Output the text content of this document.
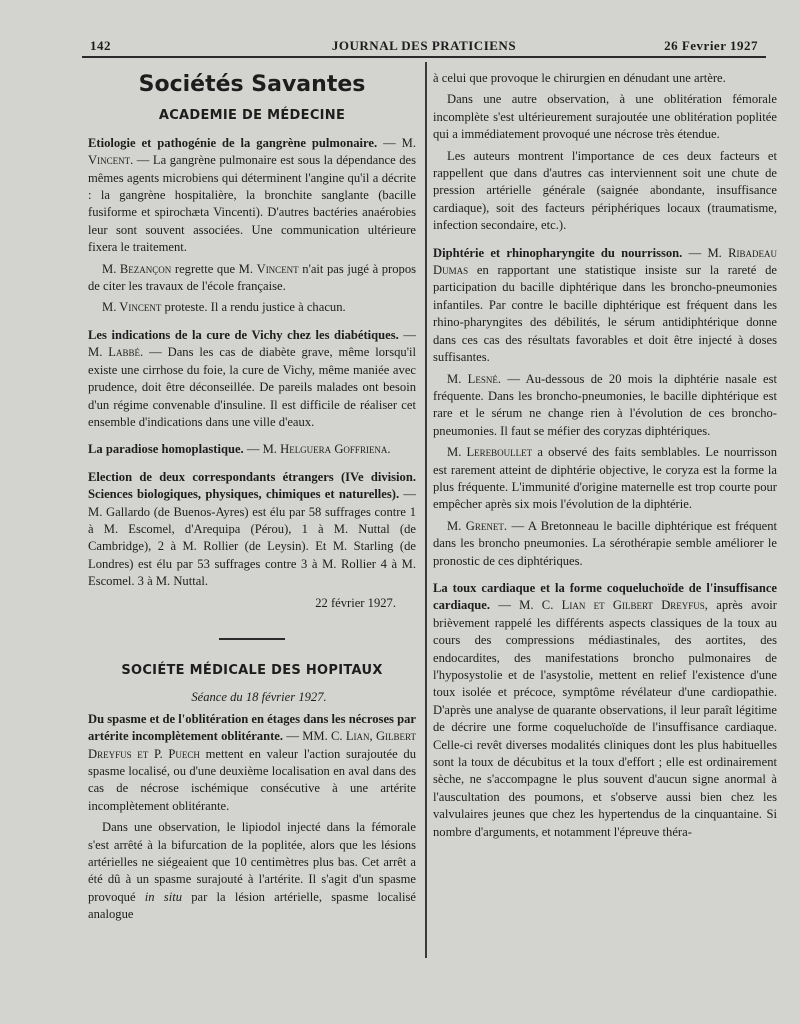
142	JOURNAL DES PRATICIENS	26 Fevrier 1927
Sociétés Savantes
ACADEMIE DE MÉDECINE

Etiologie et pathogénie de la gangrène pulmonaire. — M. Vincent. — La gangrène pulmonaire est sous la dépendance des mêmes agents microbiens qui déterminent l'angine qu'il a décrite : la gangrène hospitalière, la bronchite sanglante (bacille fusiforme et spirochæta Vincenti). D'autres bactéries anaérobies leur sont souvent associées. Une communication ultérieure fixera le traitement.

M. Bezançon regrette que M. Vincent n'ait pas jugé à propos de citer les travaux de l'école française.

M. Vincent proteste. Il a rendu justice à chacun.

Les indications de la cure de Vichy chez les diabétiques. — M. Labbé. — Dans les cas de diabète grave, même lorsqu'il existe une cirrhose du foie, la cure de Vichy, même maniée avec prudence, doit être déconseillée. De pareils malades ont besoin d'un régime convenable d'insuline. Il est difficile de réaliser cet ensemble d'indications dans une ville d'eaux.

La paradiose homoplastique. — M. Helguera Goffriena.

Election de deux correspondants étrangers (IVe division. Sciences biologiques, physiques, chimiques et naturelles). — M. Gallardo (de Buenos-Ayres) est élu par 58 suffrages contre 1 à M. Escomel, d'Arequipa (Pérou), 1 à M. Nuttal (de Cambridge), 2 à M. Rollier (de Leysin). Et M. Starling (de Londres) est élu par 53 suffrages contre 3 à M. Rollier 4 à M. Escomel. 3 à M. Nuttal.

22 février 1927.

SOCIÉTE MÉDICALE DES HOPITAUX

Séance du 18 février 1927.

Du spasme et de l'oblitération en étages dans les nécroses par artérite incomplètement oblitérante. — MM. C. Lian, Gilbert Dreyfus et P. Puech mettent en valeur l'action surajoutée du spasme localisé, ou d'une deuxième localisation en aval dans des cas de nécrose ischémique consécutive à une artérite incomplètement oblitérante.

Dans une observation, le lipiodol injecté dans la fémorale s'est arrêté à la bifurcation de la poplitée, alors que les lésions artérielles ne siégeaient que 10 centimètres plus bas. Cet arrêt a été dû à un spasme surajouté à l'artérite. Il s'agit d'un spasme provoqué in situ par la lésion artérielle, spasme localisé analogue

à celui que provoque le chirurgien en dénudant une artère.

Dans une autre observation, à une oblitération fémorale incomplète s'est ultérieurement surajoutée une oblitération poplitée qui a immédiatement provoqué une nécrose très étendue.

Les auteurs montrent l'importance de ces deux facteurs et rappellent que dans d'autres cas interviennent soit une chute de pression artérielle générale (saignée abondante, insuffisance cardiaque), soit des facteurs périphériques locaux (traumatisme, infection secondaire, etc.).

Diphtérie et rhinopharyngite du nourrisson. — M. Ribadeau Dumas en rapportant une statistique insiste sur la rareté de participation du bacille diphtérique dans les broncho-pneumonies infantiles. Par contre le bacille diphtérique est fréquent dans les rhino-pharyngites des débilités, le sérum antidiphtérique donne dans ces cas des résultats favorables et doit être injecté à doses suffisantes.

M. Lesné. — Au-dessous de 20 mois la diphtérie nasale est fréquente. Dans les broncho-pneumonies, le bacille diphtérique est rare et le sérum ne change rien à l'évolution de ces broncho-pneumonies. Il faut se méfier des coryzas diphtériques.

M. Lereboullet a observé des faits semblables. Le nourrisson est rarement atteint de diphtérie objective, le coryza est la forme la plus fréquente. L'immunité d'origine maternelle est trop courte pour empêcher après six mois l'évolution de la diphtérie.

M. Grenet. — A Bretonneau le bacille diphtérique est fréquent dans les broncho pneumonies. La sérothérapie semble améliorer le pronostic de ces diphtériques.

La toux cardiaque et la forme coqueluchoïde de l'insuffisance cardiaque. — M. C. Lian et Gilbert Dreyfus, après avoir brièvement rappelé les différents aspects classiques de la toux au cours des compressions médiastinales, des aortites, des endocardites, des manifestations broncho pulmonaires de l'hyposystolie et de l'asystolie, mettent en relief l'existence d'une toux isolée et précoce, symptôme révélateur d'une cardiopathie. D'après une analyse de quarante observations, il leur paraît légitime de décrire une forme coqueluchoïde de l'insuffisance cardiaque. Celle-ci revêt diverses modalités cliniques dont les plus habituelles sont la toux de décubitus et la toux d'effort ; elle est ordinairement sèche, ne s'accompagne le plus souvent d'aucun signe anormal à l'auscultation des poumons, et s'observe aussi bien chez les valvulaires jeunes que chez les hypertendus de la cinquantaine. Si nombre d'arguments, et notamment l'épreuve théra-
